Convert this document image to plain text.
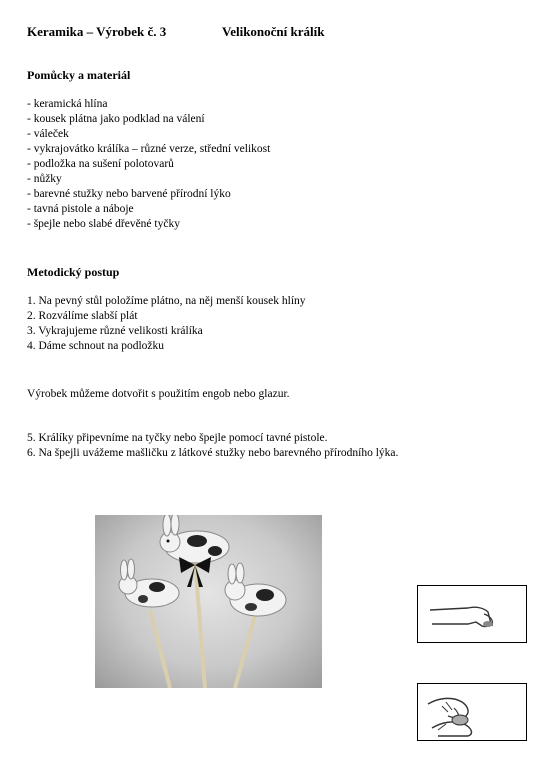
Keramika – Výrobek č. 3	Velikonoční králík
Pomůcky a materiál
- keramická hlína
- kousek plátna jako podklad na válení
- váleček
- vykrajovátko králíka – různé verze, střední velikost
- podložka na sušení polotovarů
- nůžky
- barevné stužky nebo barvené přírodní lýko
- tavná pistole a náboje
- špejle nebo slabé dřevěné tyčky
Metodický postup
1. Na pevný stůl položíme plátno, na něj menší kousek hlíny
2. Rozválíme slabší plát
3. Vykrajujeme různé velikosti králíka
4. Dáme schnout na podložku
Výrobek můžeme dotvořit s použitím engob nebo glazur.
5. Králíky připevníme na tyčky nebo špejle pomocí tavné pistole.
6. Na špejli uvážeme mašličku z látkové stužky nebo barevného přírodního lýka.
